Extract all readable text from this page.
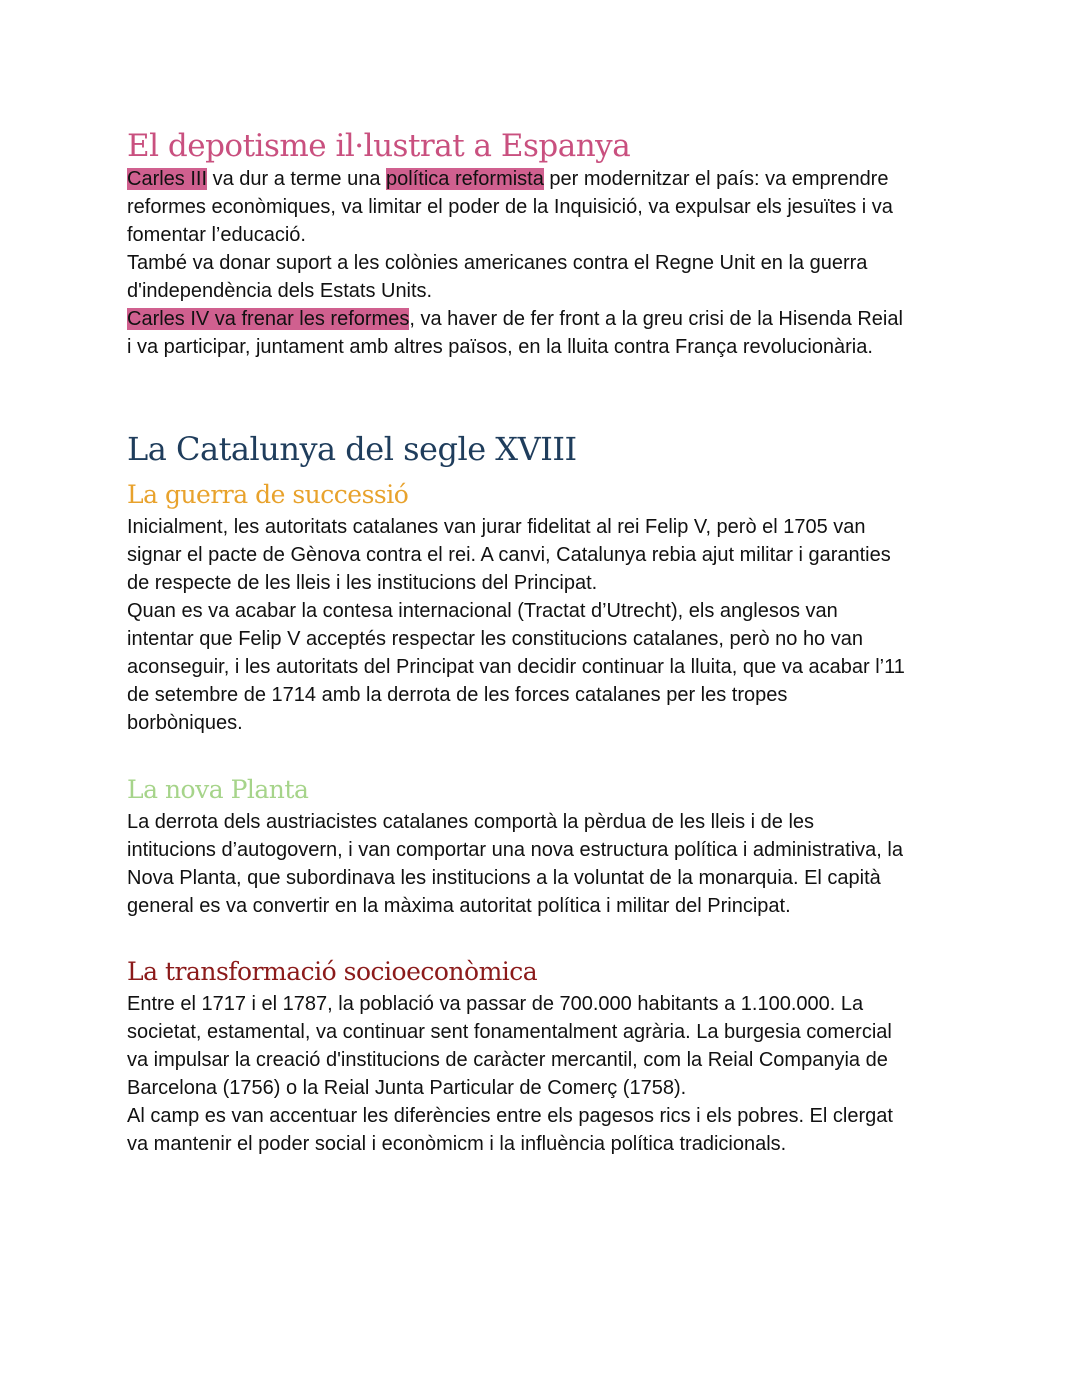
El depotisme il·lustrat a Espanya
Carles III va dur a terme una política reformista per modernitzar el país: va emprendre
reformes econòmiques, va limitar el poder de la Inquisició, va expulsar els jesuïtes i va
fomentar l’educació.
També va donar suport a les colònies americanes contra el Regne Unit en la guerra
d'independència dels Estats Units.
Carles IV va frenar les reformes, va haver de fer front a la greu crisi de la Hisenda Reial
i va participar, juntament amb altres països, en la lluita contra França revolucionària.
La Catalunya del segle XVIII
La guerra de successió
Inicialment, les autoritats catalanes van jurar fidelitat al rei Felip V, però el 1705 van
signar el pacte de Gènova contra el rei. A canvi, Catalunya rebia ajut militar i garanties
de respecte de les lleis i les institucions del Principat.
Quan es va acabar la contesa internacional (Tractat d’Utrecht), els anglesos van
intentar que Felip V acceptés respectar les constitucions catalanes, però no ho van
aconseguir, i les autoritats del Principat van decidir continuar la lluita, que va acabar l’11
de setembre de 1714 amb la derrota de les forces catalanes per les tropes
borbòniques.
La nova Planta
La derrota dels austriacistes catalanes comportà la pèrdua de les lleis i de les
intitucions d’autogovern, i van comportar una nova estructura política i administrativa, la
Nova Planta, que subordinava les institucions a la voluntat de la monarquia. El capità
general es va convertir en la màxima autoritat política i militar del Principat.
La transformació socioeconòmica
Entre el 1717 i el 1787, la població va passar de 700.000 habitants a 1.100.000. La
societat, estamental, va continuar sent fonamentalment agrària. La burgesia comercial
va impulsar la creació d'institucions de caràcter mercantil, com la Reial Companyia de
Barcelona (1756) o la Reial Junta Particular de Comerç (1758).
Al camp es van accentuar les diferències entre els pagesos rics i els pobres. El clergat
va mantenir el poder social i econòmicm i la influència política tradicionals.
